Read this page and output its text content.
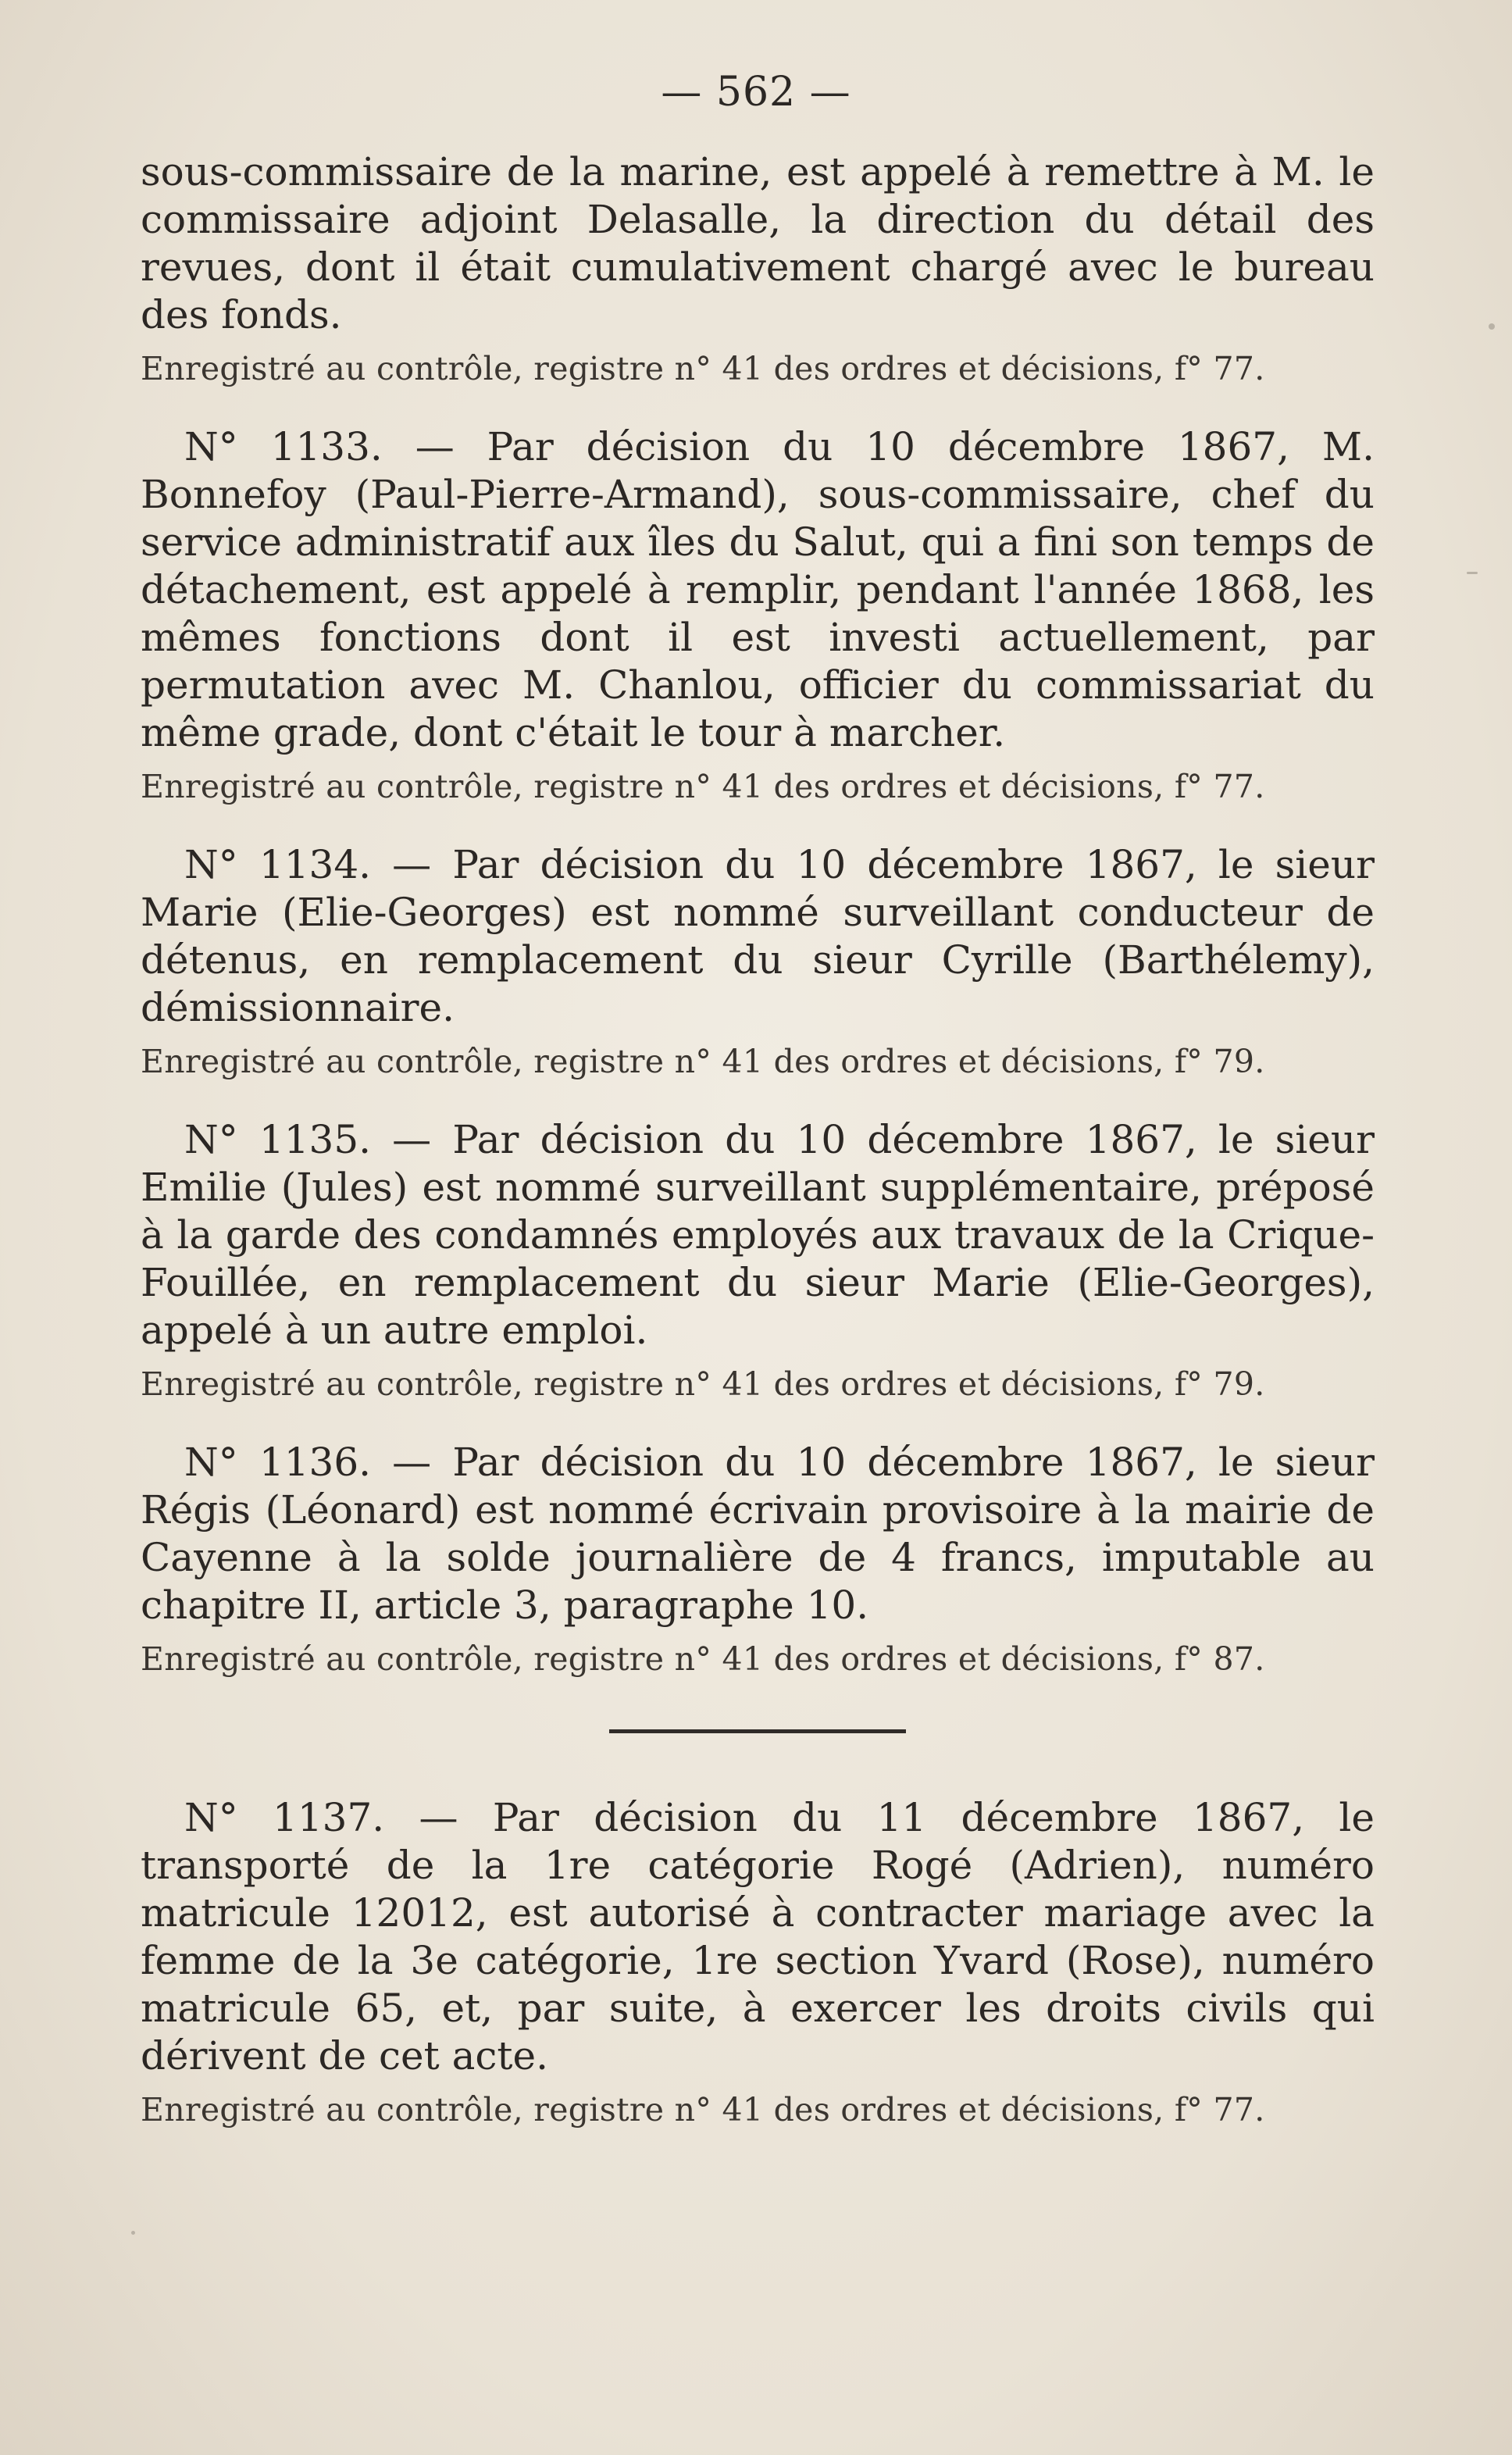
— 562 —

sous-commissaire de la marine, est appelé à remettre à M. le commissaire adjoint Delasalle, la direction du détail des revues, dont il était cumulativement chargé avec le bureau des fonds.

Enregistré au contrôle, registre n° 41 des ordres et décisions, f° 77.

N° 1133. — Par décision du 10 décembre 1867, M. Bonnefoy (Paul-Pierre-Armand), sous-commissaire, chef du service administratif aux îles du Salut, qui a fini son temps de détachement, est appelé à remplir, pendant l'année 1868, les mêmes fonctions dont il est investi actuellement, par permutation avec M. Chanlou, officier du commissariat du même grade, dont c'était le tour à marcher.

Enregistré au contrôle, registre n° 41 des ordres et décisions, f° 77.

N° 1134. — Par décision du 10 décembre 1867, le sieur Marie (Elie-Georges) est nommé surveillant conducteur de détenus, en remplacement du sieur Cyrille (Barthélemy), démissionnaire.

Enregistré au contrôle, registre n° 41 des ordres et décisions, f° 79.

N° 1135. — Par décision du 10 décembre 1867, le sieur Emilie (Jules) est nommé surveillant supplémentaire, préposé à la garde des condamnés employés aux travaux de la Crique-Fouillée, en remplacement du sieur Marie (Elie-Georges), appelé à un autre emploi.

Enregistré au contrôle, registre n° 41 des ordres et décisions, f° 79.

N° 1136. — Par décision du 10 décembre 1867, le sieur Régis (Léonard) est nommé écrivain provisoire à la mairie de Cayenne à la solde journalière de 4 francs, imputable au chapitre II, article 3, paragraphe 10.

Enregistré au contrôle, registre n° 41 des ordres et décisions, f° 87.

N° 1137. — Par décision du 11 décembre 1867, le transporté de la 1re catégorie Rogé (Adrien), numéro matricule 12012, est autorisé à contracter mariage avec la femme de la 3e catégorie, 1re section Yvard (Rose), numéro matricule 65, et, par suite, à exercer les droits civils qui dérivent de cet acte.

Enregistré au contrôle, registre n° 41 des ordres et décisions, f° 77.
